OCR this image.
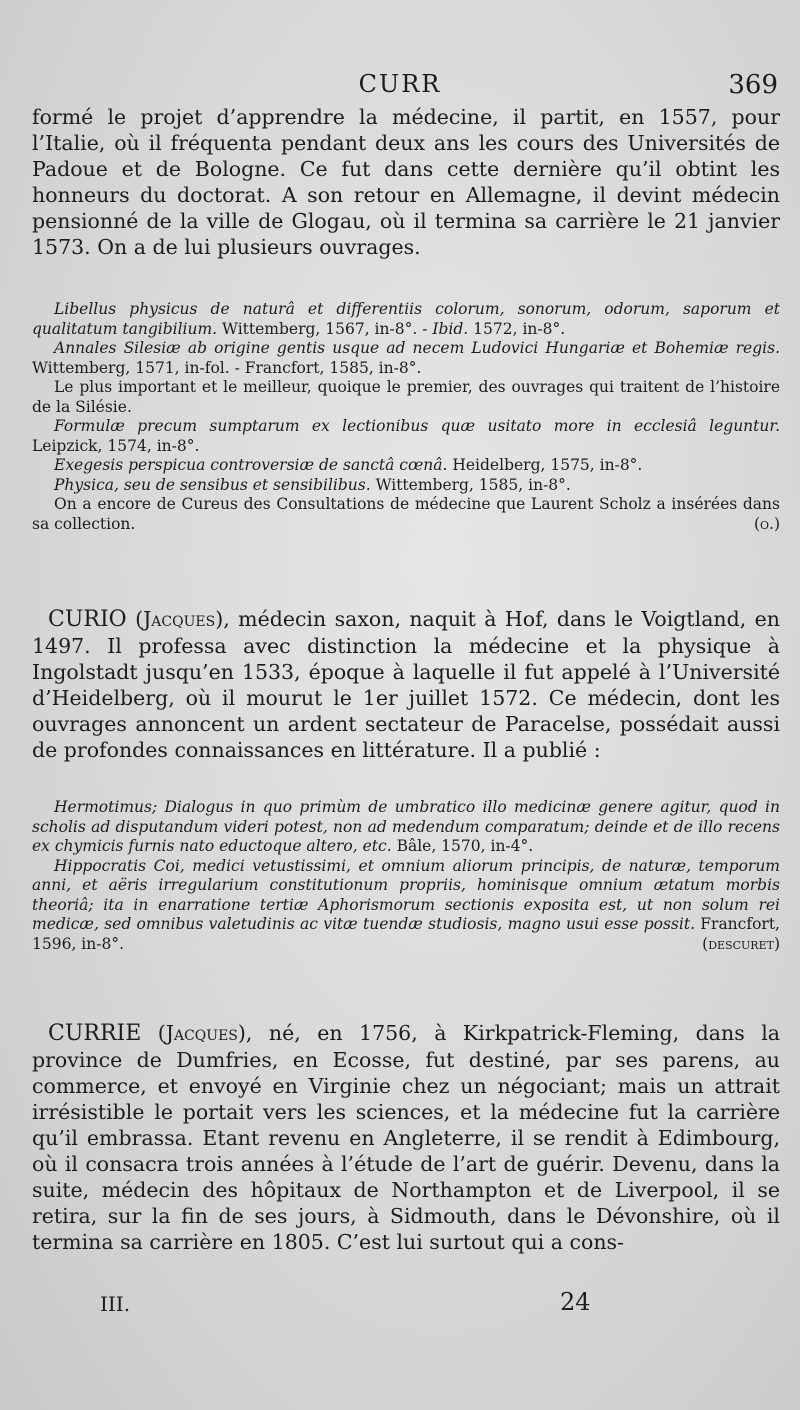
CURR	369

formé le projet d’apprendre la médecine, il partit, en 1557, pour l’Italie, où il fréquenta pendant deux ans les cours des Universités de Padoue et de Bologne. Ce fut dans cette dernière qu’il obtint les honneurs du doctorat. A son retour en Allemagne, il devint médecin pensionné de la ville de Glogau, où il termina sa carrière le 21 janvier 1573. On a de lui plusieurs ouvrages.

Libellus physicus de naturâ et differentiis colorum, sonorum, odorum, saporum et qualitatum tangibilium. Wittemberg, 1567, in-8°. - Ibid. 1572, in-8°.

Annales Silesiæ ab origine gentis usque ad necem Ludovici Hungariæ et Bohemiæ regis. Wittemberg, 1571, in-fol. - Francfort, 1585, in-8°.

Le plus important et le meilleur, quoique le premier, des ouvrages qui traitent de l’histoire de la Silésie.

Formulæ precum sumptarum ex lectionibus quæ usitato more in ecclesiâ leguntur. Leipzick, 1574, in-8°.

Exegesis perspicua controversiæ de sanctâ cœnâ. Heidelberg, 1575, in-8°.

Physica, seu de sensibus et sensibilibus. Wittemberg, 1585, in-8°.

On a encore de Cureus des Consultations de médecine que Laurent Scholz a insérées dans sa collection.	(o.)

CURIO (Jacques), médecin saxon, naquit à Hof, dans le Voigtland, en 1497. Il professa avec distinction la médecine et la physique à Ingolstadt jusqu’en 1533, époque à laquelle il fut appelé à l’Université d’Heidelberg, où il mourut le 1er juillet 1572. Ce médecin, dont les ouvrages annoncent un ardent sectateur de Paracelse, possédait aussi de profondes connaissances en littérature. Il a publié :

Hermotimus; Dialogus in quo primùm de umbratico illo medicinæ genere agitur, quod in scholis ad disputandum videri potest, non ad medendum comparatum; deinde et de illo recens ex chymicis furnis nato eductoque altero, etc. Bâle, 1570, in-4°.

Hippocratis Coi, medici vetustissimi, et omnium aliorum principis, de naturæ, temporum anni, et aëris irregularium constitutionum propriis, hominisque omnium ætatum morbis theoriâ; ita in enarratione tertiæ Aphorismorum sectionis exposita est, ut non solum rei medicæ, sed omnibus valetudinis ac vitæ tuendæ studiosis, magno usui esse possit. Francfort, 1596, in-8°.	(descuret)

CURRIE (Jacques), né, en 1756, à Kirkpatrick-Fleming, dans la province de Dumfries, en Ecosse, fut destiné, par ses parens, au commerce, et envoyé en Virginie chez un négociant; mais un attrait irrésistible le portait vers les sciences, et la médecine fut la carrière qu’il embrassa. Etant revenu en Angleterre, il se rendit à Edimbourg, où il consacra trois années à l’étude de l’art de guérir. Devenu, dans la suite, médecin des hôpitaux de Northampton et de Liverpool, il se retira, sur la fin de ses jours, à Sidmouth, dans le Dévonshire, où il termina sa carrière en 1805. C’est lui surtout qui a cons-

III.	24
